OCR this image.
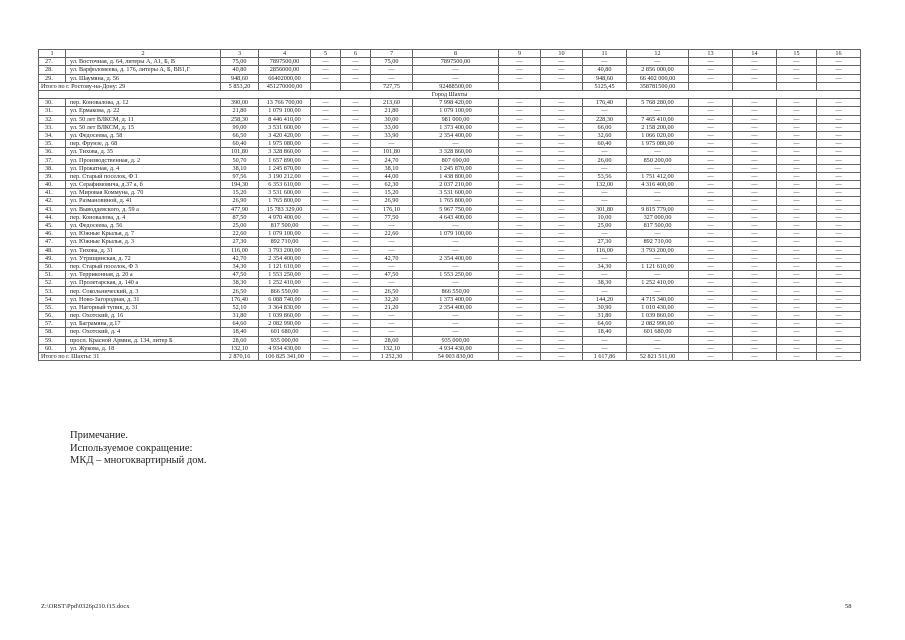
1	2	3	4	5	6	7	8	9	10	11	12	13	14	15	16
27.	ул. Восточная, д. 64, литеры А, А1, Б, В	75,00	7897500,00	—	—	75,00	7897500,00	—	—	—	—	—	—	—	—
28.	ул. Варфоломеева, д. 176, литеры А, Б, ВВ1,Г	40,80	2856000,00	—	—	—	—	—	—	40,80	2 856 000,00	—	—	—	—
29.	ул. Шаумяна, д. 56	948,60	66402000,00	—	—	—	—	—	—	948,60	66 402 000,00	—	—	—	—
Итого по г. Ростову-на-Дону: 29		5 853,20	451270000,00			727,75	92488500,00			5125,45	358781500,00				
Город Шахты															
30.	пер. Коновалова, д. 12	390,00	13 766 700,00	—	—	213,60	7 998 420,00	—	—	176,40	5 768 280,00	—	—	—	—
31.	ул. Ермакова, д. 22	21,80	1 079 100,00	—	—	21,80	1 079 100,00	—	—	—	—	—	—	—	—
32.	ул. 50 лет ВЛКСМ, д. 11	258,30	8 446 410,00	—	—	30,00	981 000,00	—	—	228,30	7 465 410,00	—	—	—	—
33.	ул. 50 лет ВЛКСМ, д. 15	99,00	3 531 600,00	—	—	33,00	1 373 400,00	—	—	66,00	2 158 200,00	—	—	—	—
34.	ул. Федосеева, д. 58	66,50	3 420 420,00	—	—	33,90	2 354 400,00	—	—	32,60	1 066 020,00	—	—	—	—
35.	пер. Фрунзе, д. 68	60,40	1 975 080,00	—	—	—	—	—	—	60,40	1 975 080,00	—	—	—	—
36.	ул. Тихова, д. 35	101,80	3 328 860,00	—	—	101,80	3 328 860,00	—	—	—	—	—	—	—	—
37.	ул. Производственная, д. 2	50,70	1 657 890,00	—	—	24,70	807 690,00	—	—	26,00	850 200,00	—	—	—	—
38.	ул. Прокатная, д. 4	38,10	1 245 870,00	—	—	38,10	1 245 870,00	—	—	—	—	—	—	—	—
39.	пер. Старый поселок, Ф 1	97,56	3 190 212,00	—	—	44,00	1 438 800,00	—	—	53,56	1 751 412,00	—	—	—	—
40.	ул. Серафимовича, д.37 а, б	194,30	6 353 610,00	—	—	62,30	2 037 210,00	—	—	132,00	4 316 400,00	—	—	—	—
41.	ул. Мировая Коммуна, д. 70	15,20	3 531 600,00	—	—	15,20	3 531 600,00	—	—	—	—	—	—	—	—
42.	ул. Размановиной, д. 41	26,90	1 765 800,00	—	—	26,90	1 765 800,00	—	—	—	—	—	—	—	—
43.	ул. Выводдевского, д. 59 а	477,90	15 783 329,00	—	—	176,10	5 967 750,00	—	—	301,80	9 815 779,00	—	—	—	—
44.	пер. Коновалова, д. 4	87,50	4 970 400,00	—	—	77,50	4 643 400,00	—	—	10,00	327 000,00	—	—	—	—
45.	ул. Федосеева, д. 56	25,00	817 500,00	—	—	—	—	—	—	25,00	817 500,00	—	—	—	—
46.	ул. Южные Крылья, д. 7	22,60	1 079 100,00	—	—	22,60	1 079 100,00	—	—	—	—	—	—	—	—
47.	ул. Южные Крылья, д. 3	27,30	892 710,00	—	—	—	—	—	—	27,30	892 710,00	—	—	—	—
48.	ул. Тихова, д. 31	116,00	3 793 200,00	—	—	—	—	—	—	116,00	3 793 200,00	—	—	—	—
49.	ул. Утрищинская, д. 72	42,70	2 354 400,00	—	—	42,70	2 354 400,00	—	—	—	—	—	—	—	—
50.	пер. Старый поселок, Ф 3	34,30	1 121 610,00	—	—	—	—	—	—	34,30	1 121 610,00	—	—	—	—
51.	ул. Терриконная, д. 20 а	47,50	1 553 250,00	—	—	47,50	1 553 250,00	—	—	—	—	—	—	—	—
52.	ул. Пролетарская, д. 140 а	38,30	1 252 410,00	—	—	—	—	—	—	38,30	1 252 410,00	—	—	—	—
53.	пер. Сокольнический, д. 3	26,50	866 550,00	—	—	26,50	866 550,00	—	—	—	—	—	—	—	—
54.	ул. Ново-Загородная, д. 31	176,40	6 088 740,00	—	—	32,20	1 373 400,00	—	—	144,20	4 715 340,00	—	—	—	—
55.	ул. Нагорный тупик, д. 31	52,10	3 364 830,00	—	—	21,20	2 354 400,00	—	—	30,90	1 010 430,00	—	—	—	—
56.	пер. Охотский, д. 16	31,80	1 039 860,00	—	—	—	—	—	—	31,80	1 039 860,00	—	—	—	—
57.	ул. Баграмяна, д.17	64,60	2 082 990,00	—	—	—	—	—	—	64,60	2 082 990,00	—	—	—	—
58.	пер. Охотский, д. 4	18,40	601 680,00	—	—	—	—	—	—	18,40	601 680,00	—	—	—	—
59.	просп. Красной Армии, д. 134, литер Б	28,60	935 000,00	—	—	28,60	935 000,00	—	—	—	—	—	—	—	—
60.	ул. Жукова, д. 18	132,10	4 934 430,00	—	—	132,10	4 934 430,00	—	—	—	—	—	—	—	—
Итого по г. Шахты: 31		2 870,16	106 825 341,00	—	—	1 252,30	54 003 830,00	—	—	1 617,86	52 821 511,00	—	—	—	—
Примечание.
Используемое сокращение:
МКД – многоквартирный дом.
Z:\ORST\Ppd\0326p210.f15.docx	58
